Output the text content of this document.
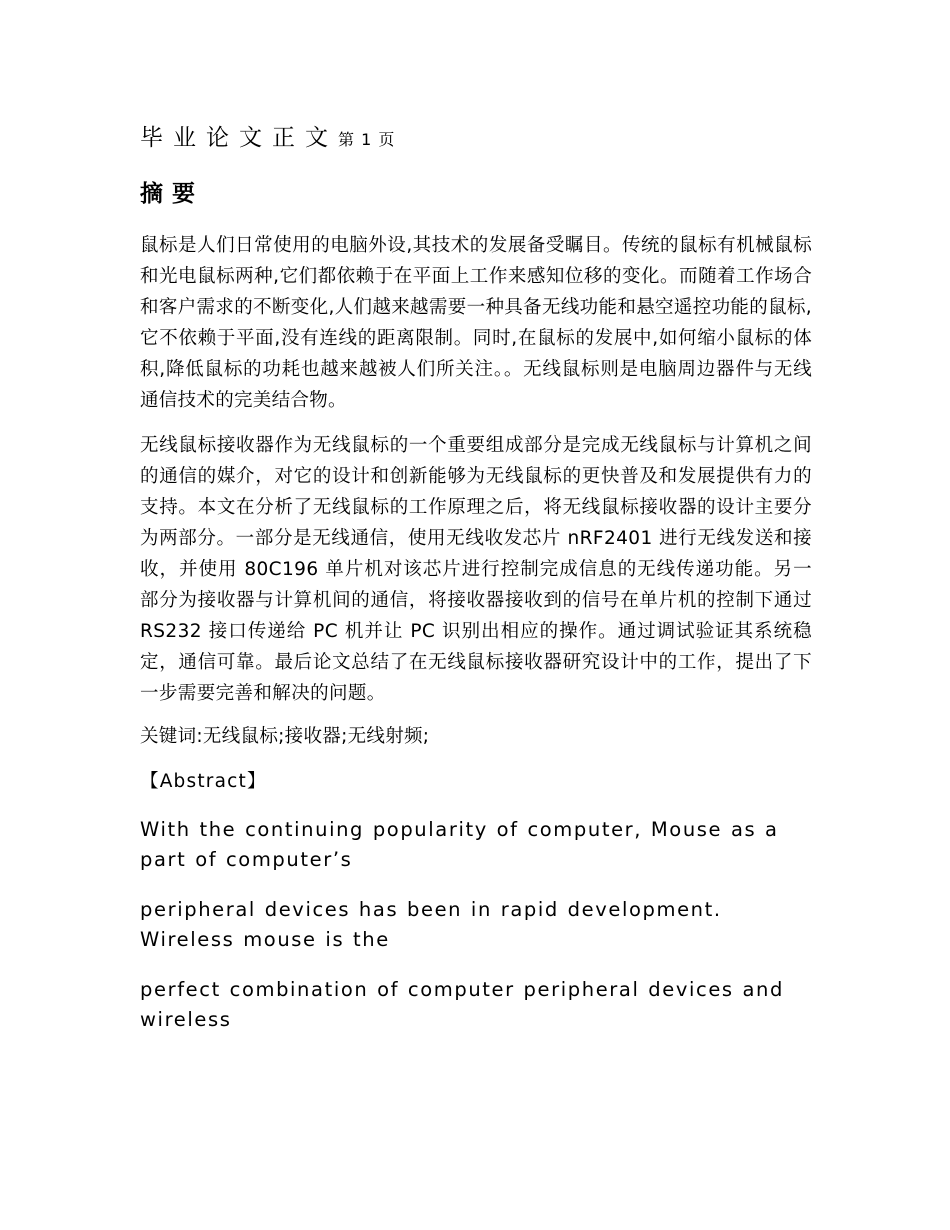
毕业论文正文第 1 页
摘要

鼠标是人们日常使用的电脑外设,其技术的发展备受瞩目。传统的鼠标有机械鼠标和光电鼠标两种,它们都依赖于在平面上工作来感知位移的变化。而随着工作场合和客户需求的不断变化,人们越来越需要一种具备无线功能和悬空遥控功能的鼠标,它不依赖于平面,没有连线的距离限制。同时,在鼠标的发展中,如何缩小鼠标的体积,降低鼠标的功耗也越来越被人们所关注。。无线鼠标则是电脑周边器件与无线通信技术的完美结合物。

无线鼠标接收器作为无线鼠标的一个重要组成部分是完成无线鼠标与计算机之间的通信的媒介，对它的设计和创新能够为无线鼠标的更快普及和发展提供有力的支持。本文在分析了无线鼠标的工作原理之后，将无线鼠标接收器的设计主要分为两部分。一部分是无线通信，使用无线收发芯片 nRF2401 进行无线发送和接收，并使用 80C196 单片机对该芯片进行控制完成信息的无线传递功能。另一部分为接收器与计算机间的通信，将接收器接收到的信号在单片机的控制下通过 RS232 接口传递给 PC 机并让 PC 识别出相应的操作。通过调试验证其系统稳定，通信可靠。最后论文总结了在无线鼠标接收器研究设计中的工作，提出了下一步需要完善和解决的问题。

关键词:无线鼠标;接收器;无线射频;

【Abstract】

With the continuing popularity of computer, Mouse as a part of computer’s

peripheral devices has been in rapid development. Wireless mouse is the

perfect combination of computer peripheral devices and wireless
